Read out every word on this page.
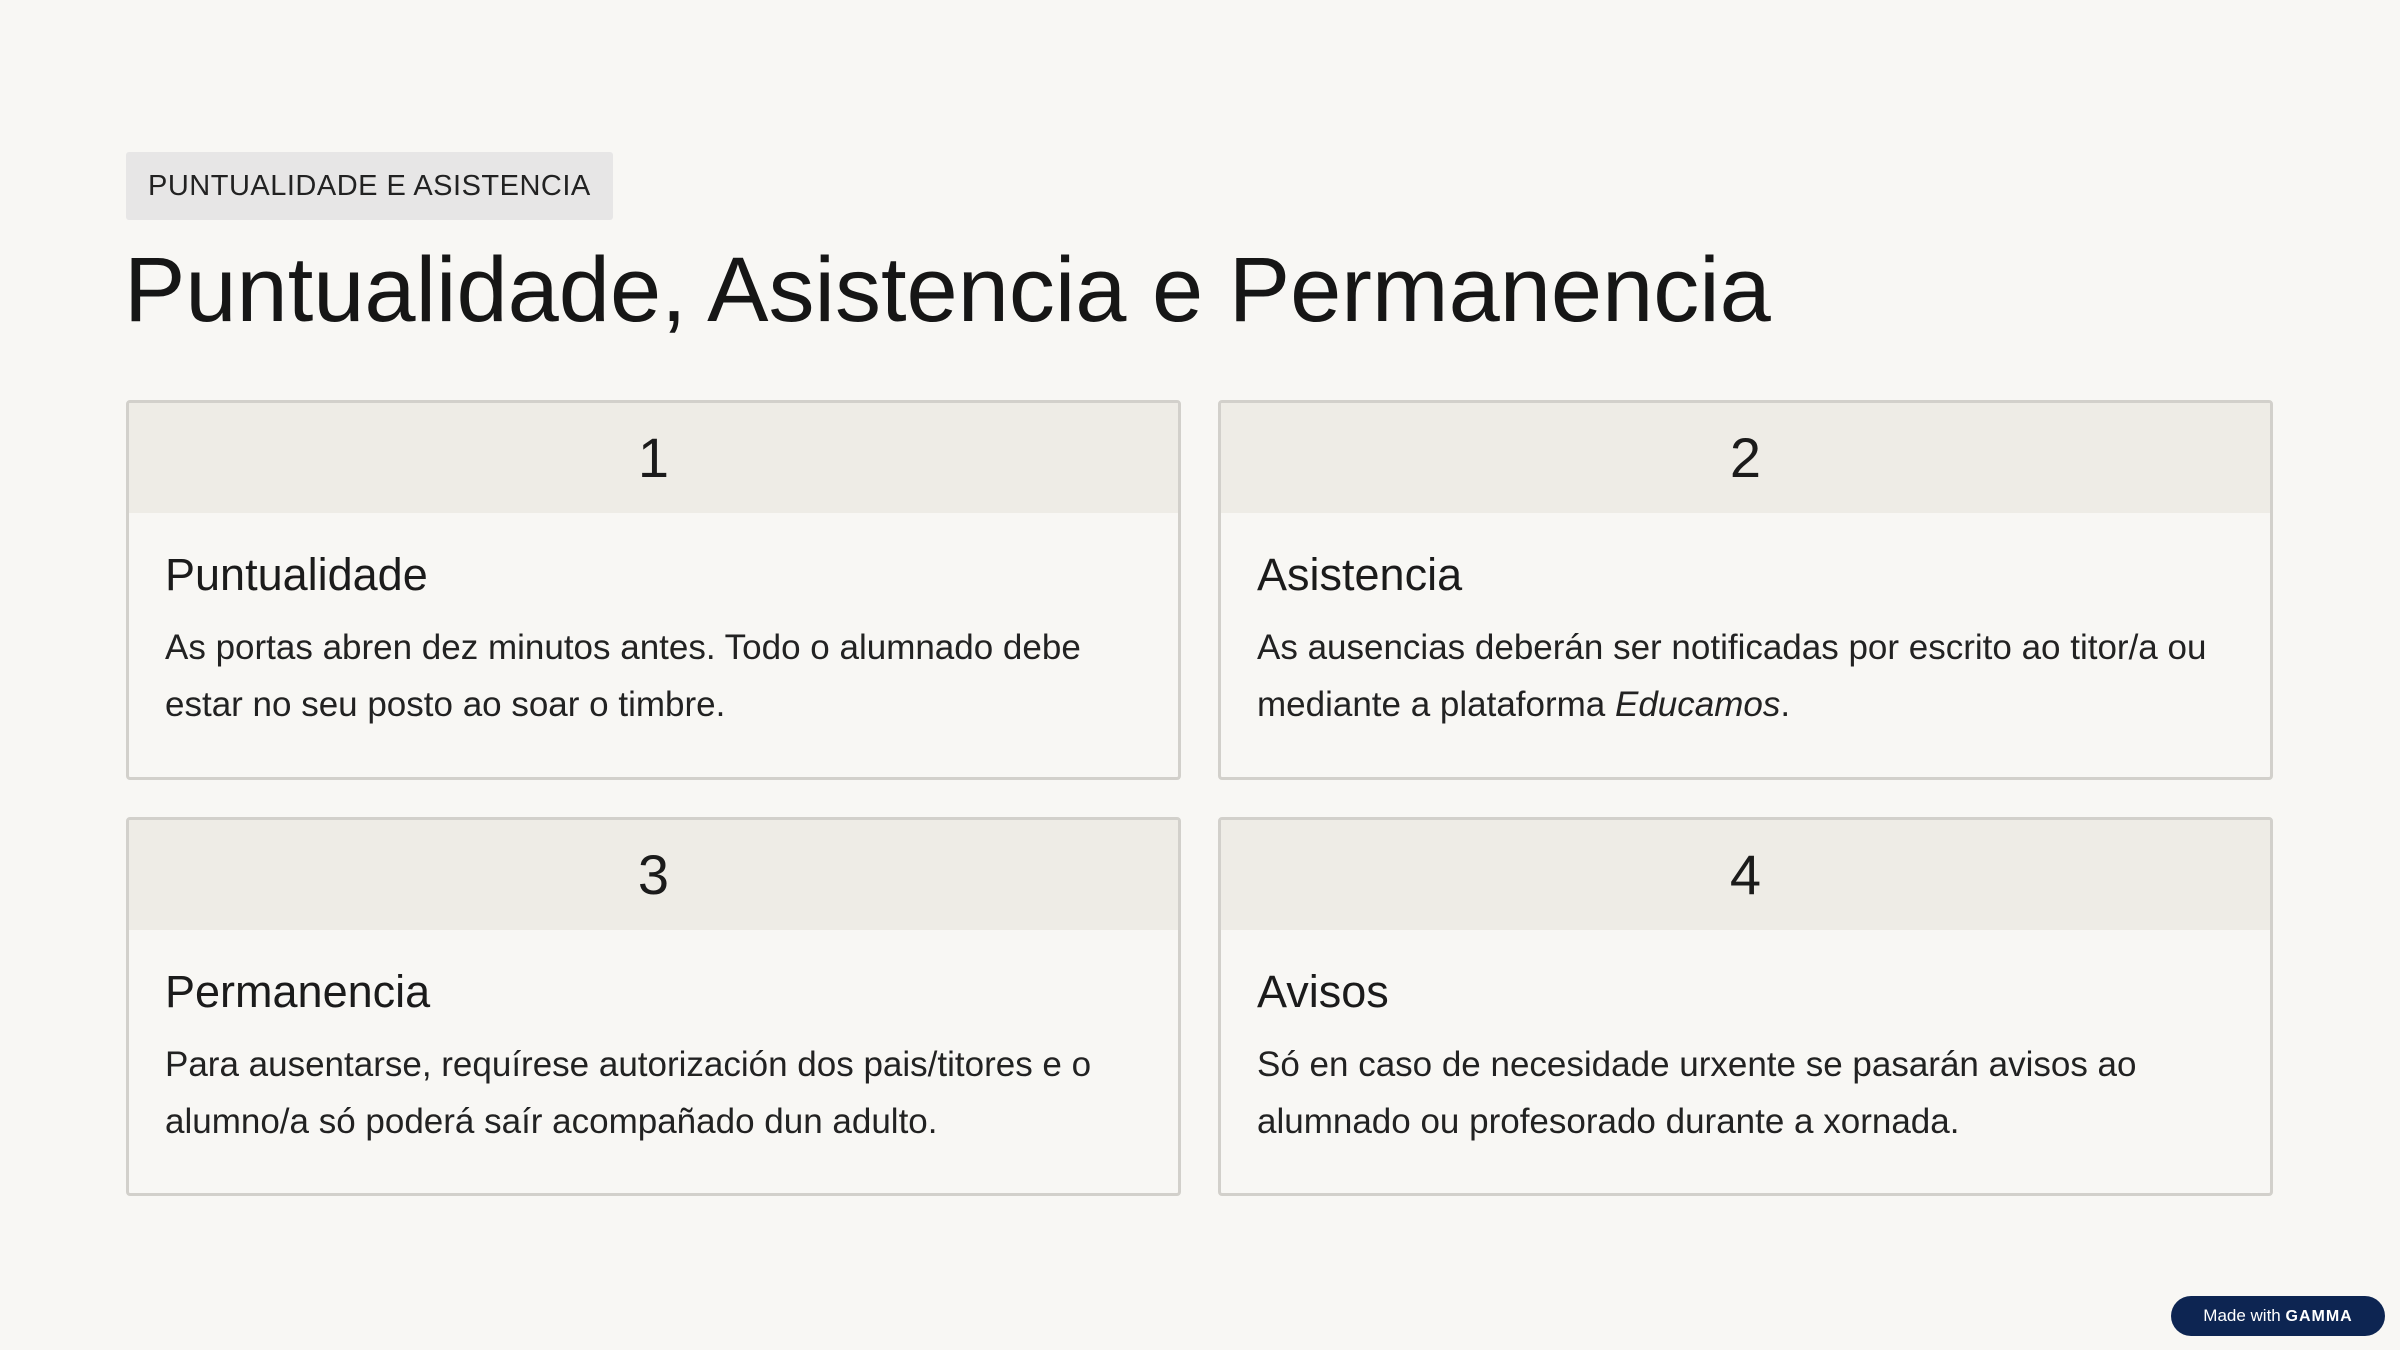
PUNTUALIDADE E ASISTENCIA
Puntualidade, Asistencia e Permanencia
1
Puntualidade

As portas abren dez minutos antes. Todo o alumnado debe estar no seu posto ao soar o timbre.

2
Asistencia

As ausencias deberán ser notificadas por escrito ao titor/a ou mediante a plataforma Educamos.

3
Permanencia

Para ausentarse, requírese autorización dos pais/titores e o alumno/a só poderá saír acompañado dun adulto.

4
Avisos

Só en caso de necesidade urxente se pasarán avisos ao alumnado ou profesorado durante a xornada.

Made with GAMMA
